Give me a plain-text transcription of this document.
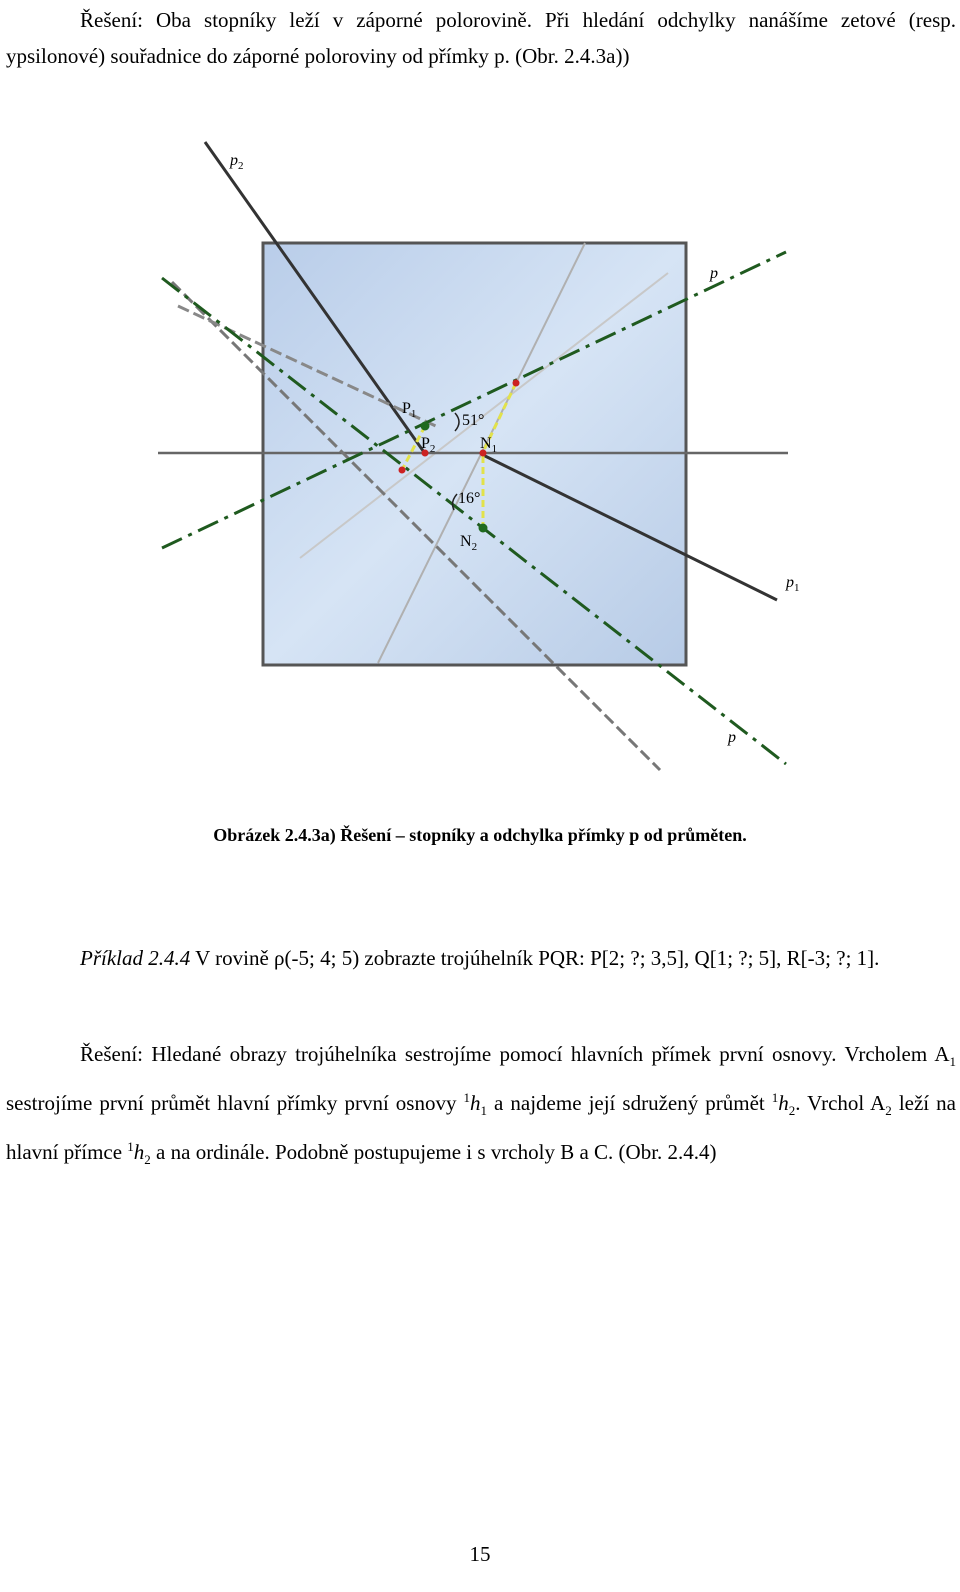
Řešení: Oba stopníky leží v záporné polorovině. Při hledání odchylky nanášíme zetové (resp. ypsilonové) souřadnice do záporné poloroviny od přímky p. (Obr. 2.4.3a))

$p_2$
p
$p_1$
p
$P_1$
$P_2$	$N_1$
$N_2$
51°
16°
Obrázek 2.4.3a) Řešení – stopníky a odchylka přímky p od průměten.

Příklad 2.4.4 V rovině ρ(-5; 4; 5) zobrazte trojúhelník PQR: P[2; ?; 3,5], Q[1; ?; 5], R[-3; ?; 1].

Řešení: Hledané obrazy trojúhelníka sestrojíme pomocí hlavních přímek první osnovy. Vrcholem $A_1$ sestrojíme první průmět hlavní přímky první osnovy $^1h_1$ a najdeme její sdružený průmět $^1h_2$. Vrchol $A_2$ leží na hlavní přímce $^1h_2$ a na ordinále. Podobně postupujeme i s vrcholy B a C. (Obr. 2.4.4)

15
